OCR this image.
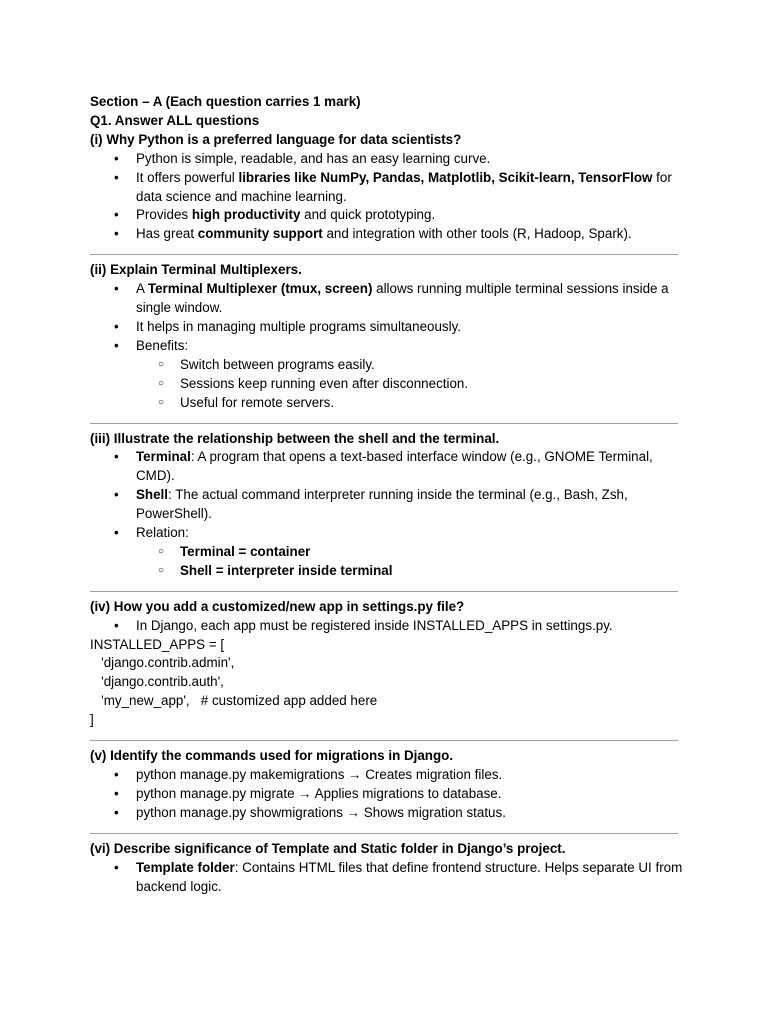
Section – A (Each question carries 1 mark)

Q1. Answer ALL questions

(i) Why Python is a preferred language for data scientists?

• Python is simple, readable, and has an easy learning curve.
• It offers powerful libraries like NumPy, Pandas, Matplotlib, Scikit-learn, TensorFlow for data science and machine learning.
• Provides high productivity and quick prototyping.
• Has great community support and integration with other tools (R, Hadoop, Spark).

(ii) Explain Terminal Multiplexers.

• A Terminal Multiplexer (tmux, screen) allows running multiple terminal sessions inside a single window.
• It helps in managing multiple programs simultaneously.
• Benefits:
○ Switch between programs easily.
○ Sessions keep running even after disconnection.
○ Useful for remote servers.

(iii) Illustrate the relationship between the shell and the terminal.

• Terminal: A program that opens a text-based interface window (e.g., GNOME Terminal, CMD).
• Shell: The actual command interpreter running inside the terminal (e.g., Bash, Zsh, PowerShell).
• Relation:
○ Terminal = container
○ Shell = interpreter inside terminal

(iv) How you add a customized/new app in settings.py file?

• In Django, each app must be registered inside INSTALLED_APPS in settings.py.

INSTALLED_APPS = [

'django.contrib.admin',

'django.contrib.auth',

'my_new_app',   # customized app added here

]

(v) Identify the commands used for migrations in Django.

• python manage.py makemigrations → Creates migration files.
• python manage.py migrate → Applies migrations to database.
• python manage.py showmigrations → Shows migration status.

(vi) Describe significance of Template and Static folder in Django’s project.

• Template folder: Contains HTML files that define frontend structure. Helps separate UI from backend logic.
